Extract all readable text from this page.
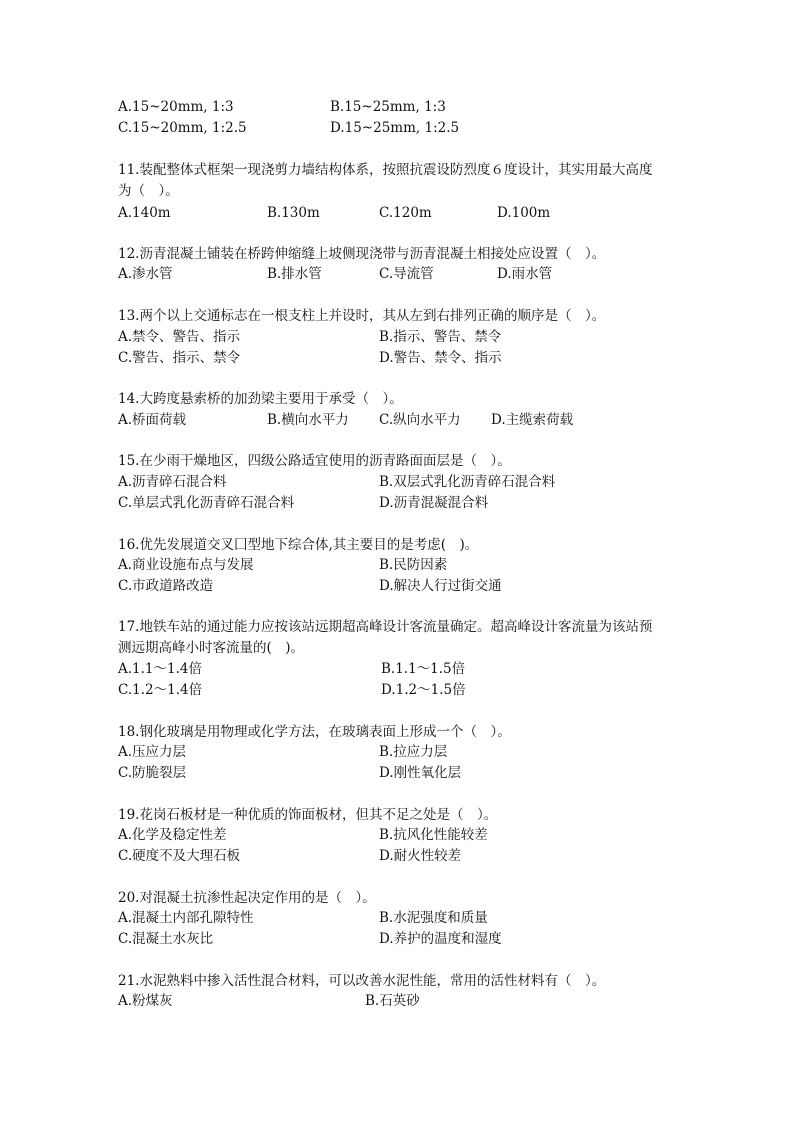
A.15~20mm, 1:3	B.15~25mm, 1:3
C.15~20mm, 1:2.5	D.15~25mm, 1:2.5
11.装配整体式框架一现浇剪力墙结构体系，按照抗震设防烈度６度设计，其实用最大高度
为（　）。
A.140m	B.130m	C.120m	D.100m
12.沥青混凝土铺装在桥跨伸缩缝上坡侧现浇带与沥青混凝土相接处应设置（　）。
A.渗水管	B.排水管	C.导流管	D.雨水管
13.两个以上交通标志在一根支柱上并设时，其从左到右排列正确的顺序是（　）。
A.禁令、警告、指示	B.指示、警告、禁令
C.警告、指示、禁令	D.警告、禁令、指示
14.大跨度悬索桥的加劲梁主要用于承受（　）。
A.桥面荷载	B.横向水平力 C.纵向水平力 D.主缆索荷载
15.在少雨干燥地区，四级公路适宜使用的沥青路面面层是（　）。
A.沥青碎石混合料	B.双层式乳化沥青碎石混合料
C.单层式乳化沥青碎石混合料	D.沥青混凝混合料
16.优先发展道交叉囗型地下综合体,其主要目的是考虑(　)。
A.商业设施布点与发展	B.民防因素
C.市政道路改造	D.解决人行过街交通
17.地铁车站的通过能力应按该站远期超高峰设计客流量确定。超高峰设计客流量为该站预
测远期高峰小时客流量的(　)。
A.1.1～1.4倍	B.1.1～1.5倍
C.1.2～1.4倍	D.1.2～1.5倍
18.钢化玻璃是用物理或化学方法，在玻璃表面上形成一个（　）。
A.压应力层	B.拉应力层
C.防脆裂层	D.刚性氧化层
19.花岗石板材是一种优质的饰面板材，但其不足之处是（　）。
A.化学及稳定性差	B.抗风化性能较差
C.硬度不及大理石板	D.耐火性较差
20.对混凝土抗渗性起决定作用的是（　）。
A.混凝土内部孔隙特性	B.水泥强度和质量
C.混凝土水灰比	D.养护的温度和湿度
21.水泥熟料中掺入活性混合材料，可以改善水泥性能，常用的活性材料有（　）。
A.粉煤灰	B.石英砂
